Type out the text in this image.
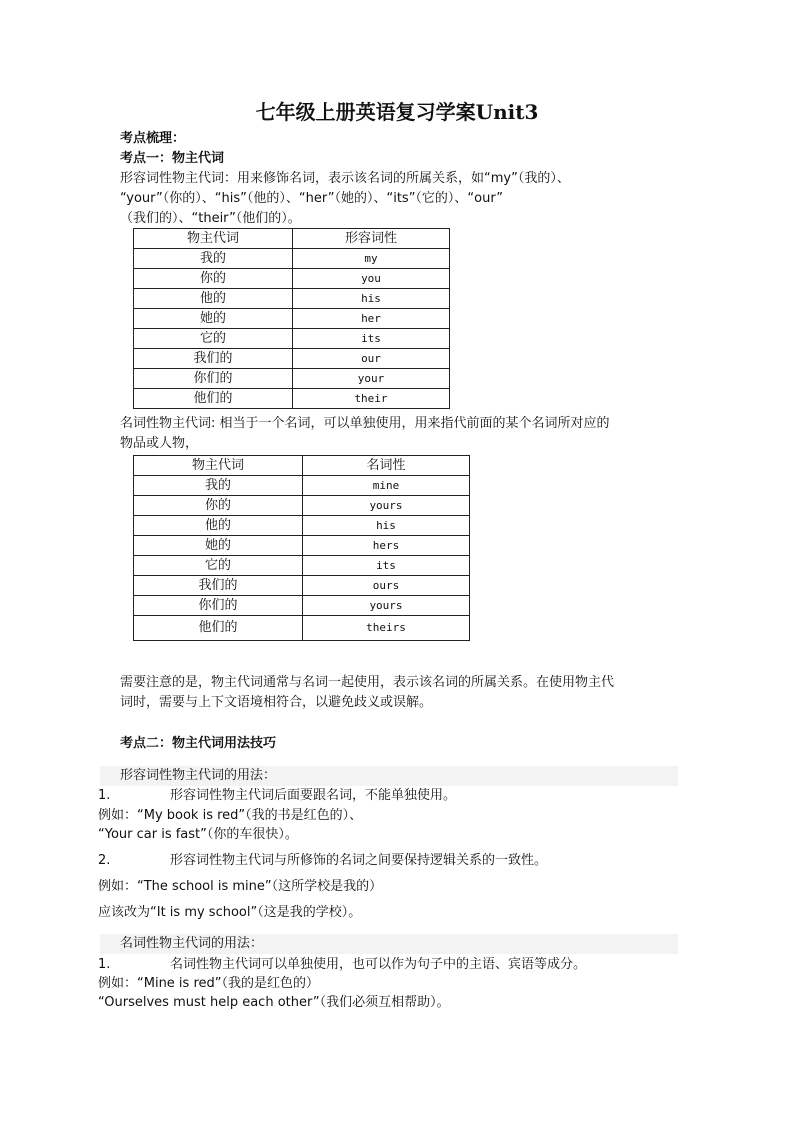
七年级上册英语复习学案Unit3
考点梳理：
考点一：物主代词
形容词性物主代词：用来修饰名词，表示该名词的所属关系，如“my”（我的）、
“your”（你的）、“his”（他的）、“her”（她的）、“its”（它的）、“our”
（我们的）、“their”（他们的）。
物主代词	形容词性
我的	my
你的	you
他的	his
她的	her
它的	its
我们的	our
你们的	your
他们的	their
名词性物主代词: 相当于一个名词，可以单独使用，用来指代前面的某个名词所对应的
物品或人物，
物主代词	名词性
我的	mine
你的	yours
他的	his
她的	hers
它的	its
我们的	ours
你们的	yours
他们的	theirs
需要注意的是，物主代词通常与名词一起使用，表示该名词的所属关系。在使用物主代
词时，需要与上下文语境相符合，以避免歧义或误解。
考点二：物主代词用法技巧
形容词性物主代词的用法：
1.	形容词性物主代词后面要跟名词，不能单独使用。
例如：“My book is red”（我的书是红色的）、
“Your car is fast”（你的车很快）。
2.	形容词性物主代词与所修饰的名词之间要保持逻辑关系的一致性。
例如：“The school is mine”（这所学校是我的）
应该改为“It is my school”（这是我的学校）。
名词性物主代词的用法：
1.	名词性物主代词可以单独使用，也可以作为句子中的主语、宾语等成分。
例如：“Mine is red”（我的是红色的）
“Ourselves must help each other”（我们必须互相帮助）。
